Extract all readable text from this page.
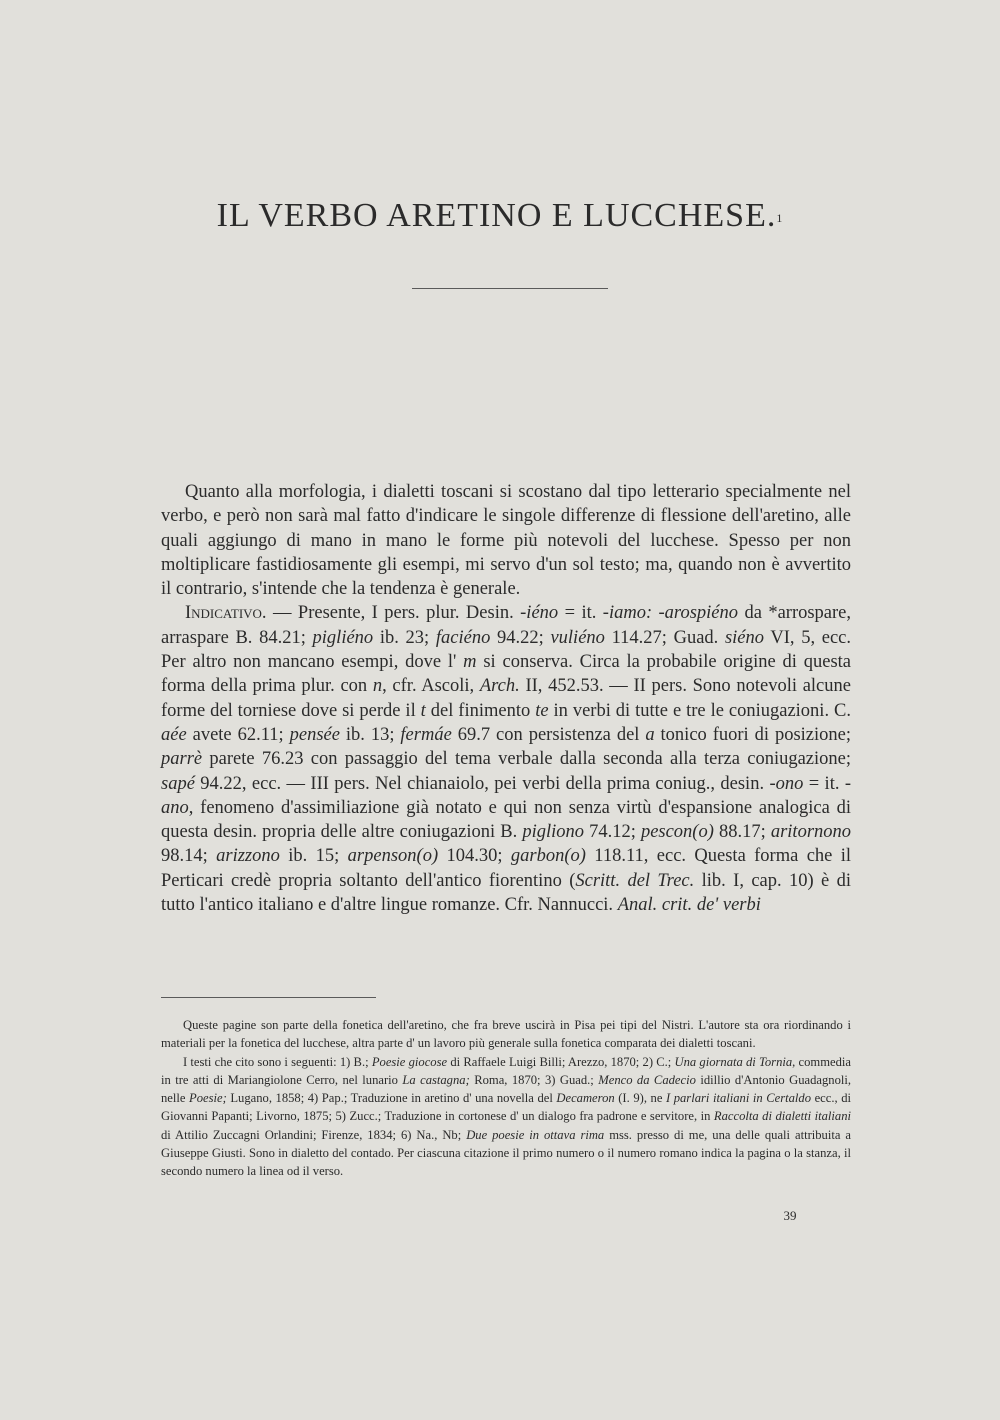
IL VERBO ARETINO E LUCCHESE.$^1$

Quanto alla morfologia, i dialetti toscani si scostano dal tipo letterario specialmente nel verbo, e però non sarà mal fatto d'indicare le singole differenze di flessione dell'aretino, alle quali aggiungo di mano in mano le forme più notevoli del lucchese. Spesso per non moltiplicare fastidiosamente gli esempi, mi servo d'un sol testo; ma, quando non è avvertito il contrario, s'intende che la tendenza è generale.

Indicativo. — Presente, I pers. plur. Desin. -iéno = it. -iamo: -arospiéno da *arrospare, arraspare B. 84.21; pigliéno ib. 23; faciéno 94.22; vuliéno 114.27; Guad. siéno VI, 5, ecc. Per altro non mancano esempi, dove l' m si conserva. Circa la probabile origine di questa forma della prima plur. con n, cfr. Ascoli, Arch. II, 452.53. — II pers. Sono notevoli alcune forme del torniese dove si perde il t del finimento te in verbi di tutte e tre le coniugazioni. C. aée avete 62.11; pensée ib. 13; fermáe 69.7 con persistenza del a tonico fuori di posizione; parrè parete 76.23 con passaggio del tema verbale dalla seconda alla terza coniugazione; sapé 94.22, ecc. — III pers. Nel chianaiolo, pei verbi della prima coniug., desin. -ono = it. -ano, fenomeno d'assimiliazione già notato e qui non senza virtù d'espansione analogica di questa desin. propria delle altre coniugazioni B. pigliono 74.12; pescon(o) 88.17; aritornono 98.14; arizzono ib. 15; arpenson(o) 104.30; garbon(o) 118.11, ecc. Questa forma che il Perticari credè propria soltanto dell'antico fiorentino (Scritt. del Trec. lib. I, cap. 10) è di tutto l'antico italiano e d'altre lingue romanze. Cfr. Nannucci. Anal. crit. de' verbi

Queste pagine son parte della fonetica dell'aretino, che fra breve uscirà in Pisa pei tipi del Nistri. L'autore sta ora riordinando i materiali per la fonetica del lucchese, altra parte d' un lavoro più generale sulla fonetica comparata dei dialetti toscani.

I testi che cito sono i seguenti: 1) B.; Poesie giocose di Raffaele Luigi Billi; Arezzo, 1870; 2) C.; Una giornata di Tornia, commedia in tre atti di Mariangiolone Cerro, nel lunario La castagna; Roma, 1870; 3) Guad.; Menco da Cadecio idillio d'Antonio Guadagnoli, nelle Poesie; Lugano, 1858; 4) Pap.; Traduzione in aretino d' una novella del Decameron (I. 9), ne I parlari italiani in Certaldo ecc., di Giovanni Papanti; Livorno, 1875; 5) Zucc.; Traduzione in cortonese d' un dialogo fra padrone e servitore, in Raccolta di dialetti italiani di Attilio Zuccagni Orlandini; Firenze, 1834; 6) Na., Nb; Due poesie in ottava rima mss. presso di me, una delle quali attribuita a Giuseppe Giusti. Sono in dialetto del contado. Per ciascuna citazione il primo numero o il numero romano indica la pagina o la stanza, il secondo numero la linea od il verso.

39
